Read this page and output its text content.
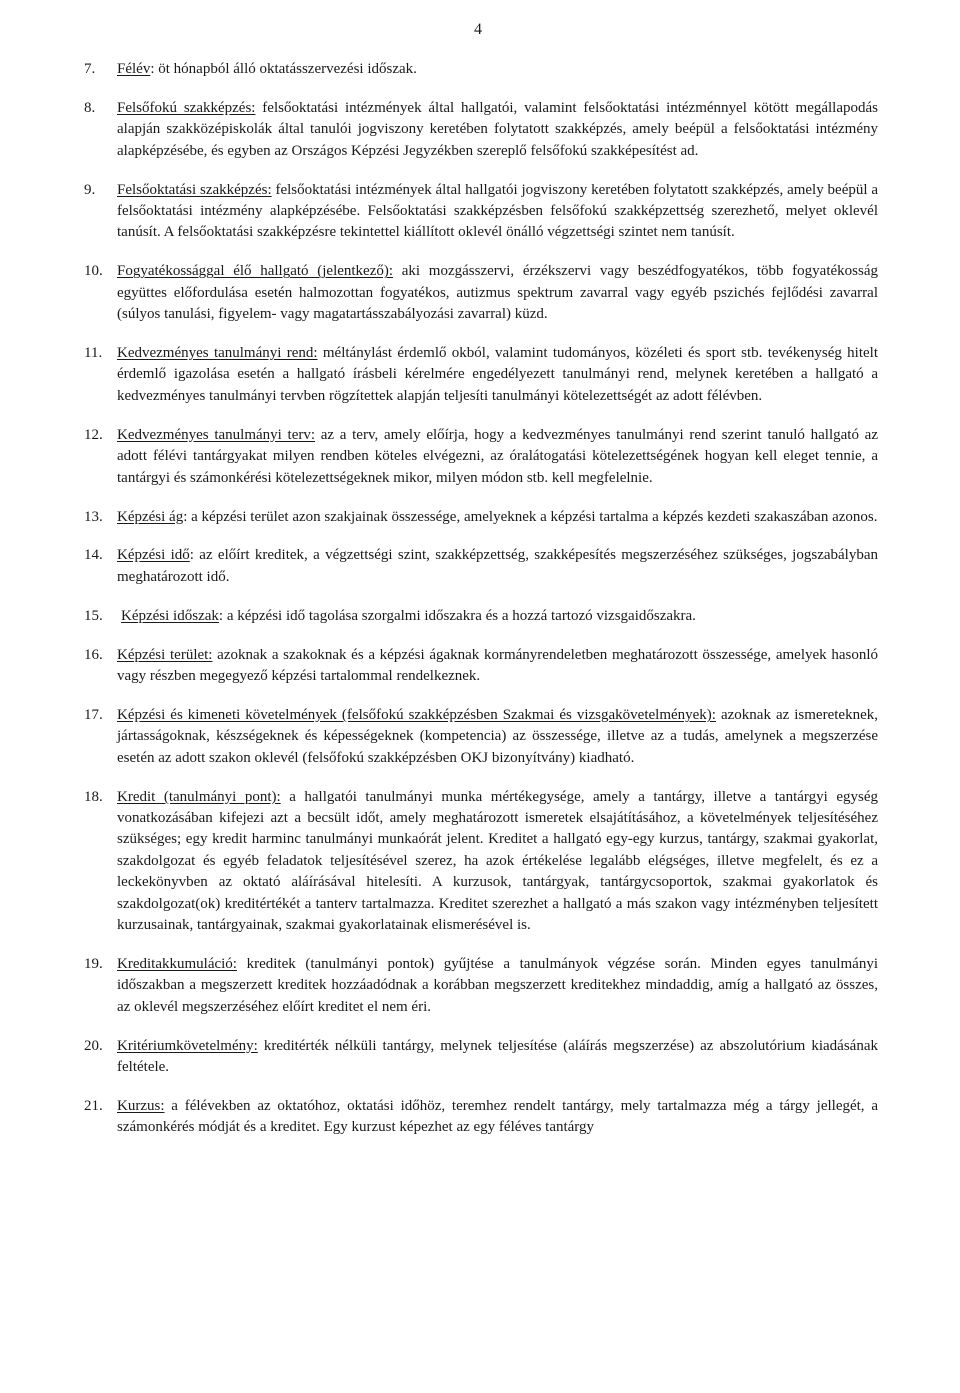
4
7. Félév: öt hónapból álló oktatásszervezési időszak.
8. Felsőfokú szakképzés: felsőoktatási intézmények által hallgatói, valamint felsőoktatási intézménnyel kötött megállapodás alapján szakközépiskolák által tanulói jogviszony keretében folytatott szakképzés, amely beépül a felsőoktatási intézmény alapképzésébe, és egyben az Országos Képzési Jegyzékben szereplő felsőfokú szakképesítést ad.
9. Felsőoktatási szakképzés: felsőoktatási intézmények által hallgatói jogviszony keretében folytatott szakképzés, amely beépül a felsőoktatási intézmény alapképzésébe. Felsőoktatási szakképzésben felsőfokú szakképzettség szerezhető, melyet oklevél tanúsít. A felsőoktatási szakképzésre tekintettel kiállított oklevél önálló végzettségi szintet nem tanúsít.
10. Fogyatékossággal élő hallgató (jelentkező): aki mozgásszervi, érzékszervi vagy beszédfogyatékos, több fogyatékosság együttes előfordulása esetén halmozottan fogyatékos, autizmus spektrum zavarral vagy egyéb pszichés fejlődési zavarral (súlyos tanulási, figyelem- vagy magatartásszabályozási zavarral) küzd.
11. Kedvezményes tanulmányi rend: méltánylást érdemlő okból, valamint tudományos, közéleti és sport stb. tevékenység hitelt érdemlő igazolása esetén a hallgató írásbeli kérelmére engedélyezett tanulmányi rend, melynek keretében a hallgató a kedvezményes tanulmányi tervben rögzítettek alapján teljesíti tanulmányi kötelezettségét az adott félévben.
12. Kedvezményes tanulmányi terv: az a terv, amely előírja, hogy a kedvezményes tanulmányi rend szerint tanuló hallgató az adott félévi tantárgyakat milyen rendben köteles elvégezni, az óralátogatási kötelezettségének hogyan kell eleget tennie, a tantárgyi és számonkérési kötelezettségeknek mikor, milyen módon stb. kell megfelelnie.
13. Képzési ág: a képzési terület azon szakjainak összessége, amelyeknek a képzési tartalma a képzés kezdeti szakaszában azonos.
14. Képzési idő: az előírt kreditek, a végzettségi szint, szakképzettség, szakképesítés megszerzéséhez szükséges, jogszabályban meghatározott idő.
15. Képzési időszak: a képzési idő tagolása szorgalmi időszakra és a hozzá tartozó vizsgaidőszakra.
16. Képzési terület: azoknak a szakoknak és a képzési ágaknak kormányrendeletben meghatározott összessége, amelyek hasonló vagy részben megegyező képzési tartalommal rendelkeznek.
17. Képzési és kimeneti követelmények (felsőfokú szakképzésben Szakmai és vizsgakövetelmények): azoknak az ismereteknek, jártasságoknak, készségeknek és képességeknek (kompetencia) az összessége, illetve az a tudás, amelynek a megszerzése esetén az adott szakon oklevél (felsőfokú szakképzésben OKJ bizonyítvány) kiadható.
18. Kredit (tanulmányi pont): a hallgatói tanulmányi munka mértékegysége, amely a tantárgy, illetve a tantárgyi egység vonatkozásában kifejezi azt a becsült időt, amely meghatározott ismeretek elsajátításához, a követelmények teljesítéséhez szükséges; egy kredit harminc tanulmányi munkaórát jelent. Kreditet a hallgató egy-egy kurzus, tantárgy, szakmai gyakorlat, szakdolgozat és egyéb feladatok teljesítésével szerez, ha azok értékelése legalább elégséges, illetve megfelelt, és ez a leckekönyvben az oktató aláírásával hitelesíti. A kurzusok, tantárgyak, tantárgycsoportok, szakmai gyakorlatok és szakdolgozat(ok) kreditértékét a tanterv tartalmazza. Kreditet szerezhet a hallgató a más szakon vagy intézményben teljesített kurzusainak, tantárgyainak, szakmai gyakorlatainak elismerésével is.
19. Kreditakkumuláció: kreditek (tanulmányi pontok) gyűjtése a tanulmányok végzése során. Minden egyes tanulmányi időszakban a megszerzett kreditek hozzáadódnak a korábban megszerzett kreditekhez mindaddig, amíg a hallgató az összes, az oklevél megszerzéséhez előírt kreditet el nem éri.
20. Kritériumkövetelmény: kreditérték nélküli tantárgy, melynek teljesítése (aláírás megszerzése) az abszolutórium kiadásának feltétele.
21. Kurzus: a félévekben az oktatóhoz, oktatási időhöz, teremhez rendelt tantárgy, mely tartalmazza még a tárgy jellegét, a számonkérés módját és a kreditet. Egy kurzust képezhet az egy féléves tantárgy
